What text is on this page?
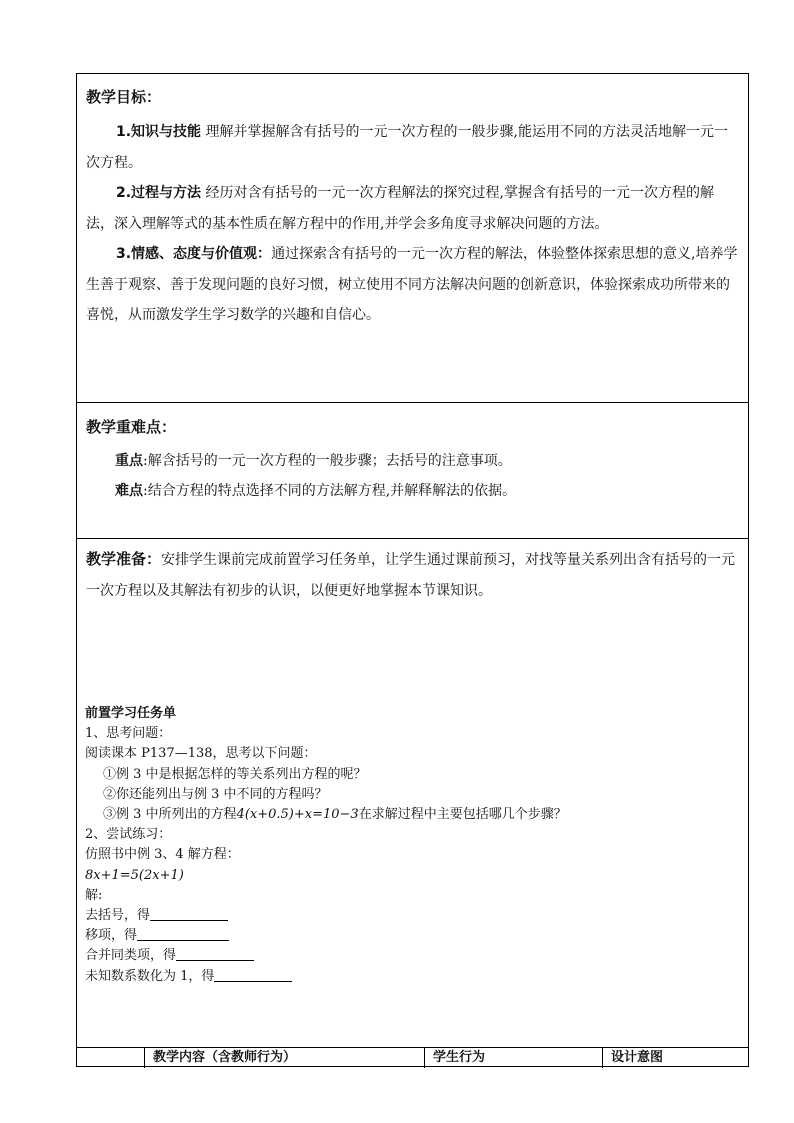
教学目标：
1.知识与技能 理解并掌握解含有括号的一元一次方程的一般步骤,能运用不同的方法灵活地解一元一次方程。
2.过程与方法 经历对含有括号的一元一次方程解法的探究过程,掌握含有括号的一元一次方程的解法，深入理解等式的基本性质在解方程中的作用,并学会多角度寻求解决问题的方法。
3.情感、态度与价值观：通过探索含有括号的一元一次方程的解法，体验整体探索思想的意义,培养学生善于观察、善于发现问题的良好习惯，树立使用不同方法解决问题的创新意识，体验探索成功所带来的喜悦，从而激发学生学习数学的兴趣和自信心。
教学重难点：
重点:解含括号的一元一次方程的一般步骤；去括号的注意事项。
难点:结合方程的特点选择不同的方法解方程,并解释解法的依据。
教学准备：安排学生课前完成前置学习任务单，让学生通过课前预习，对找等量关系列出含有括号的一元一次方程以及其解法有初步的认识，以便更好地掌握本节课知识。
前置学习任务单
1、思考问题：
阅读课本 P137—138，思考以下问题：
①例 3 中是根据怎样的等关系列出方程的呢？
②你还能列出与例 3 中不同的方程吗？
③例 3 中所列出的方程4(x+0.5)+x=10−3在求解过程中主要包括哪几个步骤？
2、尝试练习：
仿照书中例 3、4 解方程：
8x+1=5(2x+1)
解:
去括号，得
移项，得
合并同类项，得
未知数系数化为 1，得
教学内容（含教师行为）	学生行为	设计意图
